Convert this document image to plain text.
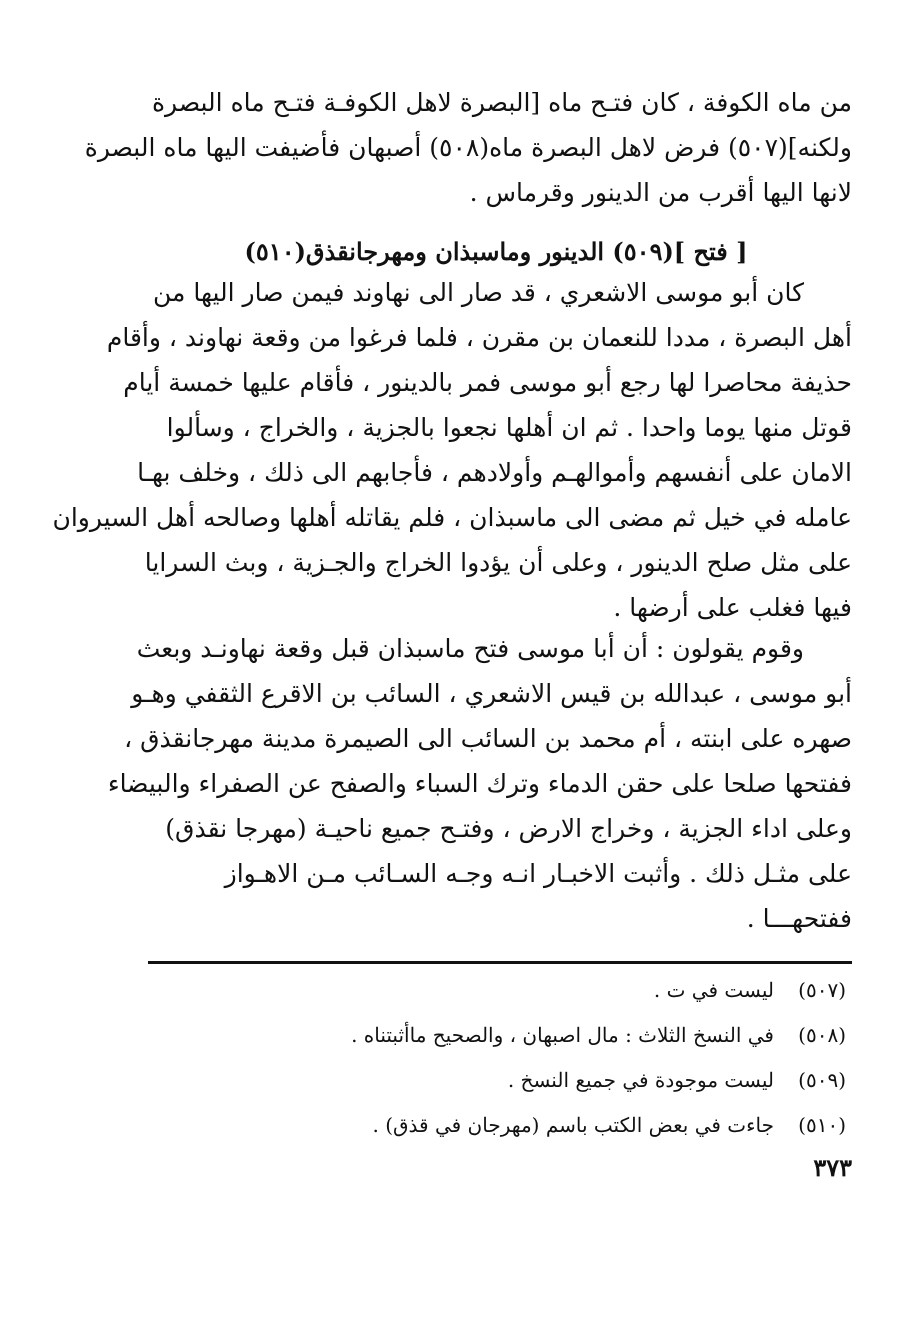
من ماه الكوفة ، كان فتـح ماه [البصرة لاهل الكوفـة فتـح ماه البصرة
ولكنه](٥٠٧) فرض لاهل البصرة ماه(٥٠٨) أصبهان فأضيفت اليها ماه البصرة
لانها اليها أقرب من الدينور وقرماس .
[ فتح ](٥٠٩) الدينور وماسبذان ومهرجانقذق(٥١٠)
كان أبو موسى الاشعري ، قد صار الى نهاوند فيمن صار اليها من
أهل البصرة ، مددا للنعمان بن مقرن ، فلما فرغوا من وقعة نهاوند ، وأقام
حذيفة محاصرا لها رجع أبو موسى فمر بالدينور ، فأقام عليها خمسة أيام
قوتل منها يوما واحدا . ثم ان أهلها نجعوا بالجزية ، والخراج ، وسألوا
الامان على أنفسهم وأموالهـم وأولادهم ، فأجابهم الى ذلك ، وخلف بهـا
عامله في خيل ثم مضى الى ماسبذان ، فلم يقاتله أهلها وصالحه أهل السيروان
على مثل صلح الدينور ، وعلى أن يؤدوا الخراج والجـزية ، وبث السرايا
فيها فغلب على أرضها .
وقوم يقولون : أن أبا موسى فتح ماسبذان قبل وقعة نهاونـد وبعث
أبو موسى ، عبدالله بن قيس الاشعري ، السائب بن الاقرع الثقفي وهـو
صهره على ابنته ، أم محمد بن السائب الى الصيمرة مدينة مهرجانقذق ،
ففتحها صلحا على حقن الدماء وترك السباء والصفح عن الصفراء والبيضاء
وعلى اداء الجزية ، وخراج الارض ، وفتـح جميع ناحيـة (مهرجا نقذق)
على مثـل ذلك . وأثبت الاخبـار انـه وجـه السـائب مـن الاهـواز
ففتحهـــا .
(٥٠٧)ليست في ت .
(٥٠٨)في النسخ الثلاث : مال اصبهان ، والصحيح ماأثبتناه .
(٥٠٩)ليست موجودة في جميع النسخ .
(٥١٠)جاءت في بعض الكتب باسم (مهرجان في قذق) .
٣٧٣
